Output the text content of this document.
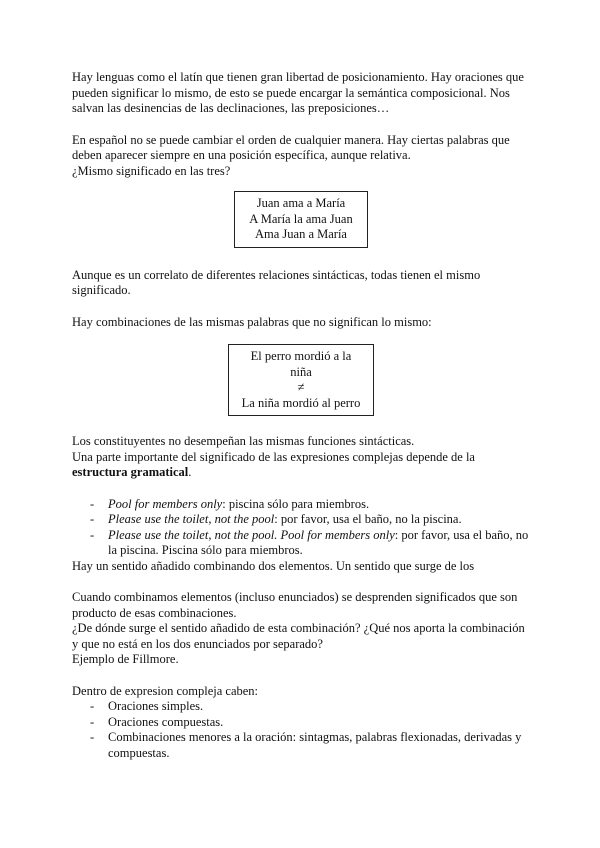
Hay lenguas como el latín que tienen gran libertad de posicionamiento. Hay oraciones que pueden significar lo mismo, de esto se puede encargar la semántica composicional. Nos salvan las desinencias de las declinaciones, las preposiciones…

En español no se puede cambiar el orden de cualquier manera. Hay ciertas palabras que deben aparecer siempre en una posición específica, aunque relativa.

¿Mismo significado en las tres?

Juan ama a María
A María la ama Juan
Ama Juan a María

Aunque es un correlato de diferentes relaciones sintácticas, todas tienen el mismo significado.

Hay combinaciones de las mismas palabras que no significan lo mismo:

El perro mordió a la niña
≠
La niña mordió al perro

Los constituyentes no desempeñan las mismas funciones sintácticas.

Una parte importante del significado de las expresiones complejas depende de la estructura gramatical.

- Pool for members only: piscina sólo para miembros.
- Please use the toilet, not the pool: por favor, usa el baño, no la piscina.
- Please use the toilet, not the pool. Pool for members only: por favor, usa el baño, no la piscina. Piscina sólo para miembros.

Hay un sentido añadido combinando dos elementos. Un sentido que surge de los

Cuando combinamos elementos (incluso enunciados) se desprenden significados que son producto de esas combinaciones.

¿De dónde surge el sentido añadido de esta combinación? ¿Qué nos aporta la combinación y que no está en los dos enunciados por separado?

Ejemplo de Fillmore.

Dentro de expresion compleja caben:

- Oraciones simples.
- Oraciones compuestas.
- Combinaciones menores a la oración: sintagmas, palabras flexionadas, derivadas y compuestas.
